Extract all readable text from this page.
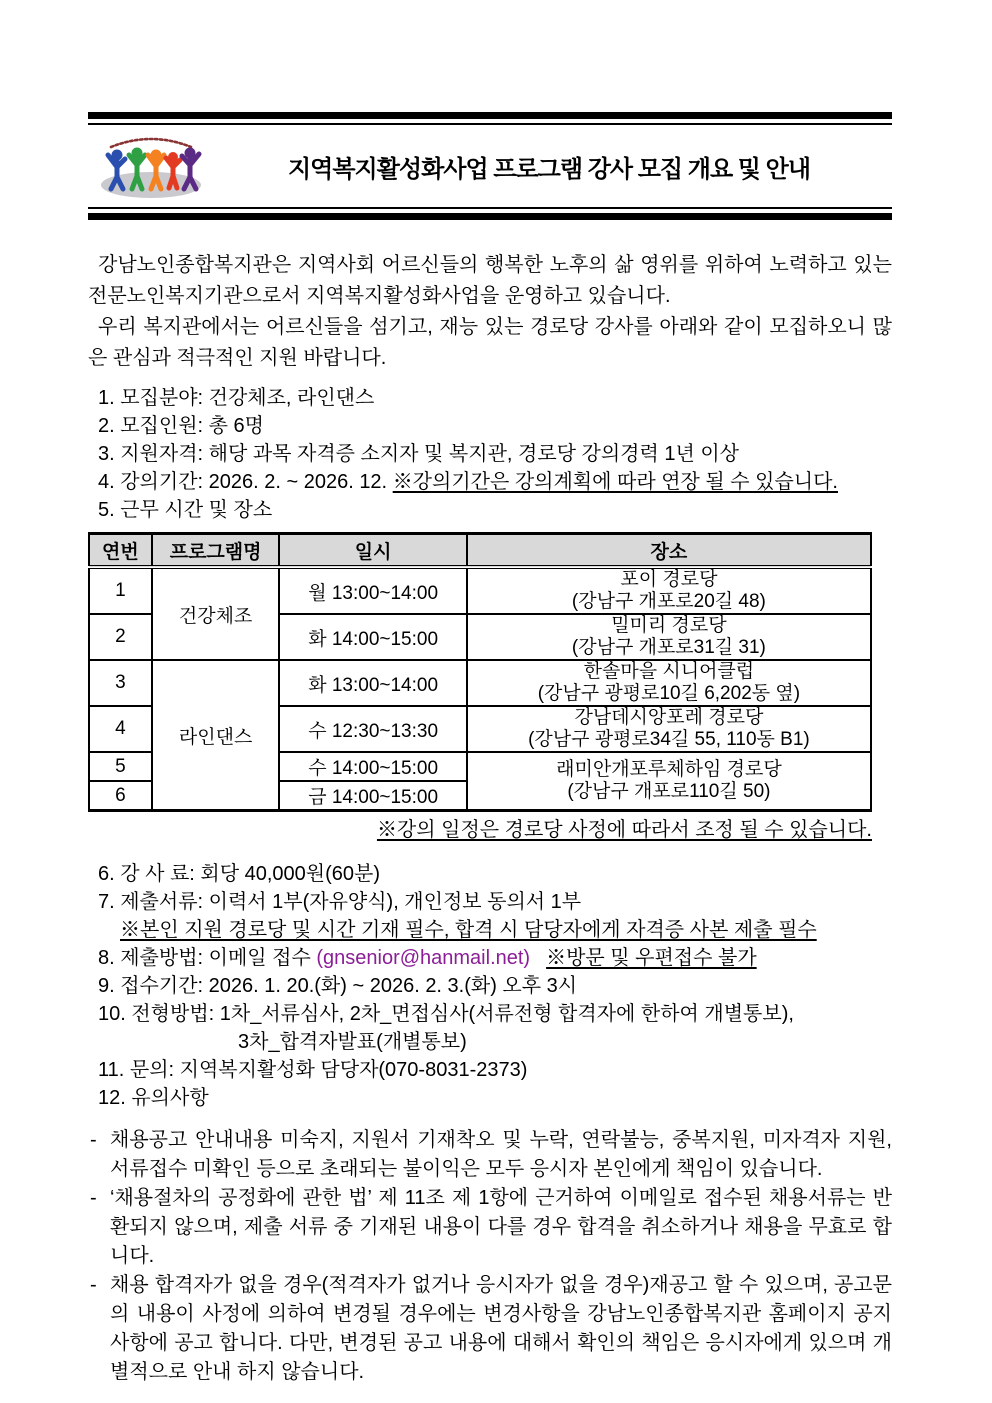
지역복지활성화사업 프로그램 강사 모집 개요 및 안내

강남노인종합복지관은 지역사회 어르신들의 행복한 노후의 삶 영위를 위하여 노력하고 있는 전문노인복지기관으로서 지역복지활성화사업을 운영하고 있습니다.

우리 복지관에서는 어르신들을 섬기고, 재능 있는 경로당 강사를 아래와 같이 모집하오니 많은 관심과 적극적인 지원 바랍니다.

1. 모집분야: 건강체조, 라인댄스
2. 모집인원: 총 6명
3. 지원자격: 해당 과목 자격증 소지자 및 복지관, 경로당 강의경력 1년 이상
4. 강의기간: 2026. 2. ~ 2026. 12. ※강의기간은 강의계획에 따라 연장 될 수 있습니다.
5. 근무 시간 및 장소
연번	프로그램명	일시	장소
1	건강체조	월 13:00~14:00	포이 경로당
(강남구 개포로20길 48)

2		화 14:00~15:00	밀미리 경로당
(강남구 개포로31길 31)

3	라인댄스	화 13:00~14:00	한솔마을 시니어클럽
(강남구 광평로10길 6,202동 옆)

4		수 12:30~13:30	강남데시앙포레 경로당
(강남구 광평로34길 55, 110동 B1)

5		수 14:00~15:00	래미안개포루체하임 경로당
(강남구 개포로110길 50)

6		금 14:00~15:00	
※강의 일정은 경로당 사정에 따라서 조정 될 수 있습니다.
6. 강 사 료: 회당 40,000원(60분)
7. 제출서류: 이력서 1부(자유양식), 개인정보 동의서 1부
※본인 지원 경로당 및 시간 기재 필수, 합격 시 담당자에게 자격증 사본 제출 필수
8. 제출방법: 이메일 접수 (gnsenior@hanmail.net) ※방문 및 우편접수 불가
9. 접수기간: 2026. 1. 20.(화) ~ 2026. 2. 3.(화) 오후 3시
10. 전형방법: 1차_서류심사, 2차_면접심사(서류전형 합격자에 한하여 개별통보),
3차_합격자발표(개별통보)
11. 문의: 지역복지활성화 담당자(070-8031-2373)
12. 유의사항

- 채용공고 안내내용 미숙지, 지원서 기재착오 및 누락, 연락불능, 중복지원, 미자격자 지원, 서류접수 미확인 등으로 초래되는 불이익은 모두 응시자 본인에게 책임이 있습니다.

- ‘채용절차의 공정화에 관한 법’ 제 11조 제 1항에 근거하여 이메일로 접수된 채용서류는 반환되지 않으며, 제출 서류 중 기재된 내용이 다를 경우 합격을 취소하거나 채용을 무효로 합니다.

- 채용 합격자가 없을 경우(적격자가 없거나 응시자가 없을 경우)재공고 할 수 있으며, 공고문의 내용이 사정에 의하여 변경될 경우에는 변경사항을 강남노인종합복지관 홈페이지 공지사항에 공고 합니다. 다만, 변경된 공고 내용에 대해서 확인의 책임은 응시자에게 있으며 개별적으로 안내 하지 않습니다.
